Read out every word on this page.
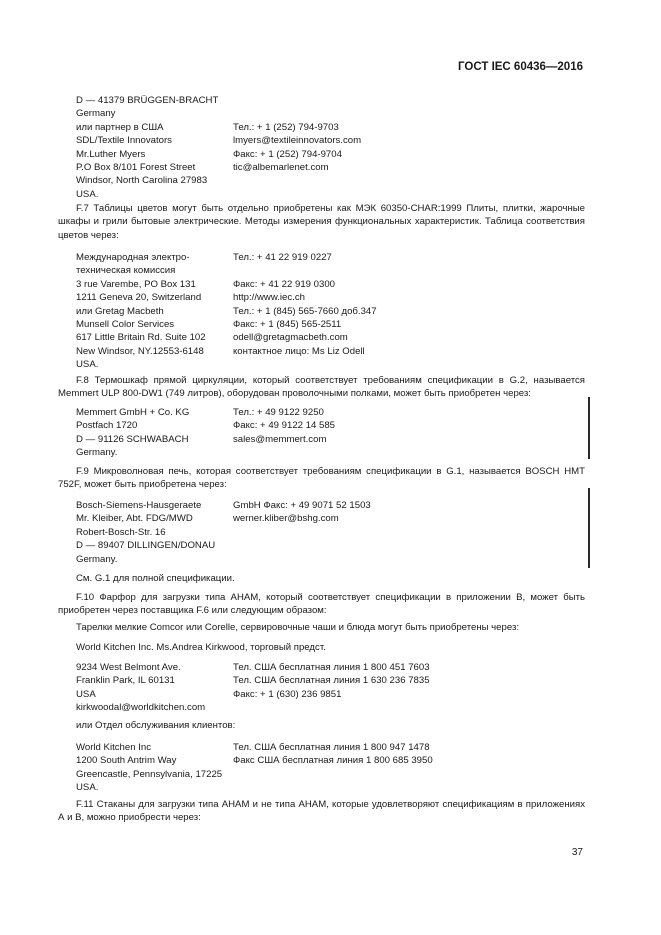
ГОСТ IEC 60436—2016
D — 41379 BRÜGGEN-BRACHT
Germany
или партнер в США	Тел.: + 1 (252) 794-9703
SDL/Textile Innovators	lmyers@textileinnovators.com
Mr.Luther Myers	Факс: + 1 (252) 794-9704
P.O Box 8/101 Forest Street	tic@albemarlenet.com
Windsor, North Carolina 27983
USA.
F.7 Таблицы цветов могут быть отдельно приобретены как МЭК 60350-CHAR:1999 Плиты, плитки, жарочные шкафы и грили бытовые электрические. Методы измерения функциональных характеристик. Таблица соответствия цветов через:
Международная электро-	Тел.: + 41 22 919 0227
техническая комиссия
3 rue Varembe, PO Box 131	Факс: + 41 22 919 0300
1211 Geneva 20, Switzerland	http://www.iec.ch
или Gretag Macbeth	Тел.: + 1 (845) 565-7660 доб.347
Munsell Color Services	Факс: + 1 (845) 565-2511
617 Little Britain Rd. Suite 102	odell@gretagmacbeth.com
New Windsor, NY.12553-6148	контактное лицо: Ms Liz Odell
USA.
F.8 Термошкаф прямой циркуляции, который соответствует требованиям спецификации в G.2, называется Memmert ULP 800-DW1 (749 литров), оборудован проволочными полками, может быть приобретен через:
Memmert GmbH + Co. KG	Тел.: + 49 9122 9250
Postfach 1720	Факс: + 49 9122 14 585
D — 91126 SCHWABACH	sales@memmert.com
Germany.
F.9 Микроволновая печь, которая соответствует требованиям спецификации в G.1, называется BOSCH HMT 752F, может быть приобретена через:
Bosch-Siemens-Hausgeraete	GmbH Факс: + 49 9071 52 1503
Mr. Kleiber, Abt. FDG/MWD	werner.kliber@bshg.com
Robert-Bosch-Str. 16
D — 89407 DILLINGEN/DONAU
Germany.
См. G.1 для полной спецификации.
F.10 Фарфор для загрузки типа АНАМ, который соответствует спецификации в приложении В, может быть приобретен через поставщика F.6 или следующим образом:
Тарелки мелкие Comcor или Corelle, сервировочные чаши и блюда могут быть приобретены через:
World Kitchen Inc. Ms.Andrea Kirkwood, торговый предст.
9234 West Belmont Ave.	Тел. США бесплатная линия 1 800 451 7603
Franklin Park, IL 60131	Тел. США бесплатная линия 1 630 236 7835
USA	Факс: + 1 (630) 236 9851
kirkwoodal@worldkitchen.com
или Отдел обслуживания клиентов:
World Kitchen Inc	Тел. США бесплатная линия 1 800 947 1478
1200 South Antrim Way	Факс США бесплатная линия 1 800 685 3950
Greencastle, Pennsylvania, 17225
USA.
F.11 Стаканы для загрузки типа АНАМ и не типа АНАМ, которые удовлетворяют спецификациям в приложениях А и В, можно приобрести через:
37
